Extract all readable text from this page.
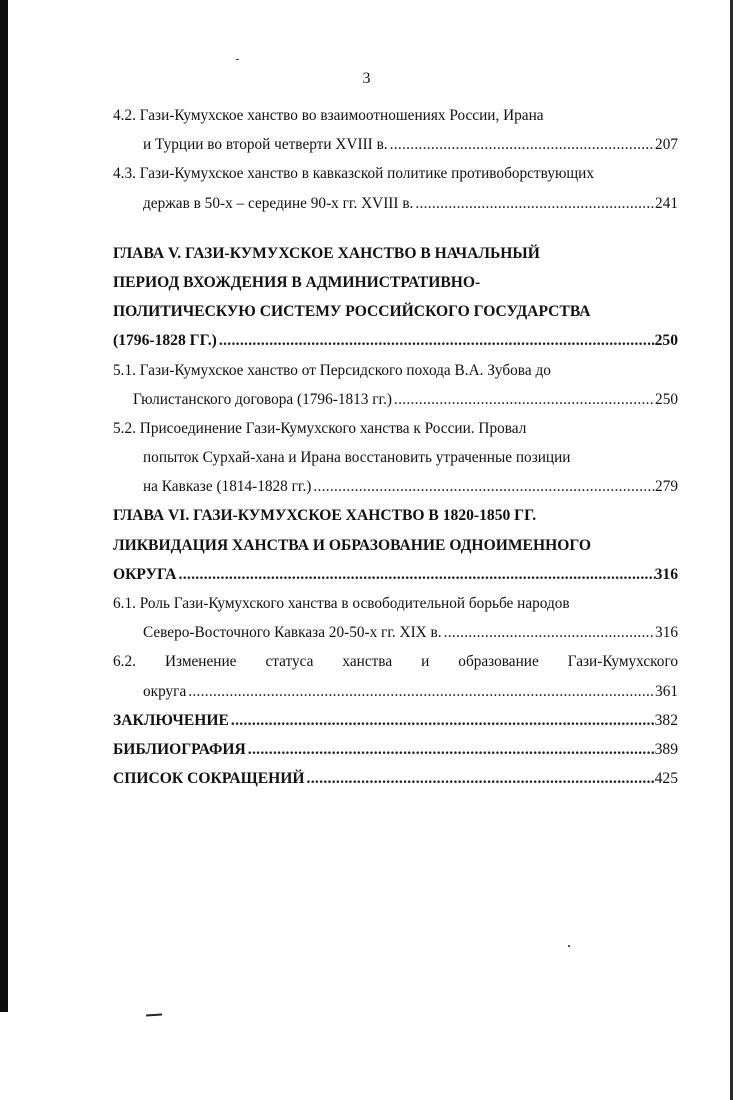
3
4.2. Гази-Кумухское ханство во взаимоотношениях России, Ирана
и Турции во второй четверти XVIII в. .....	207
4.3. Гази-Кумухское ханство в кавказской политике противоборствующих
держав в 50-х – середине 90-х гг. XVIII в. .....	241
ГЛАВА V. ГАЗИ-КУМУХСКОЕ ХАНСТВО В НАЧАЛЬНЫЙ
ПЕРИОД ВХОЖДЕНИЯ В АДМИНИСТРАТИВНО-
ПОЛИТИЧЕСКУЮ СИСТЕМУ РОССИЙСКОГО ГОСУДАРСТВА
(1796-1828 ГГ.) .....	250
5.1. Гази-Кумухское ханство от Персидского похода В.А. Зубова до
Гюлистанского договора (1796-1813 гг.) .....	250
5.2. Присоединение Гази-Кумухского ханства к России. Провал
попыток Сурхай-хана и Ирана восстановить утраченные позиции
на Кавказе (1814-1828 гг.) .....	279
ГЛАВА VI. ГАЗИ-КУМУХСКОЕ ХАНСТВО В 1820-1850 ГГ.
ЛИКВИДАЦИЯ ХАНСТВА И ОБРАЗОВАНИЕ ОДНОИМЕННОГО
ОКРУГА .....	316
6.1. Роль Гази-Кумухского ханства в освободительной борьбе народов
Северо-Восточного Кавказа 20-50-х гг. XIX в. .....	316
6.2. Изменение статуса ханства и образование Гази-Кумухского
округа .....	361
ЗАКЛЮЧЕНИЕ .....	382
БИБЛИОГРАФИЯ .....	389
СПИСОК СОКРАЩЕНИЙ .....	425
